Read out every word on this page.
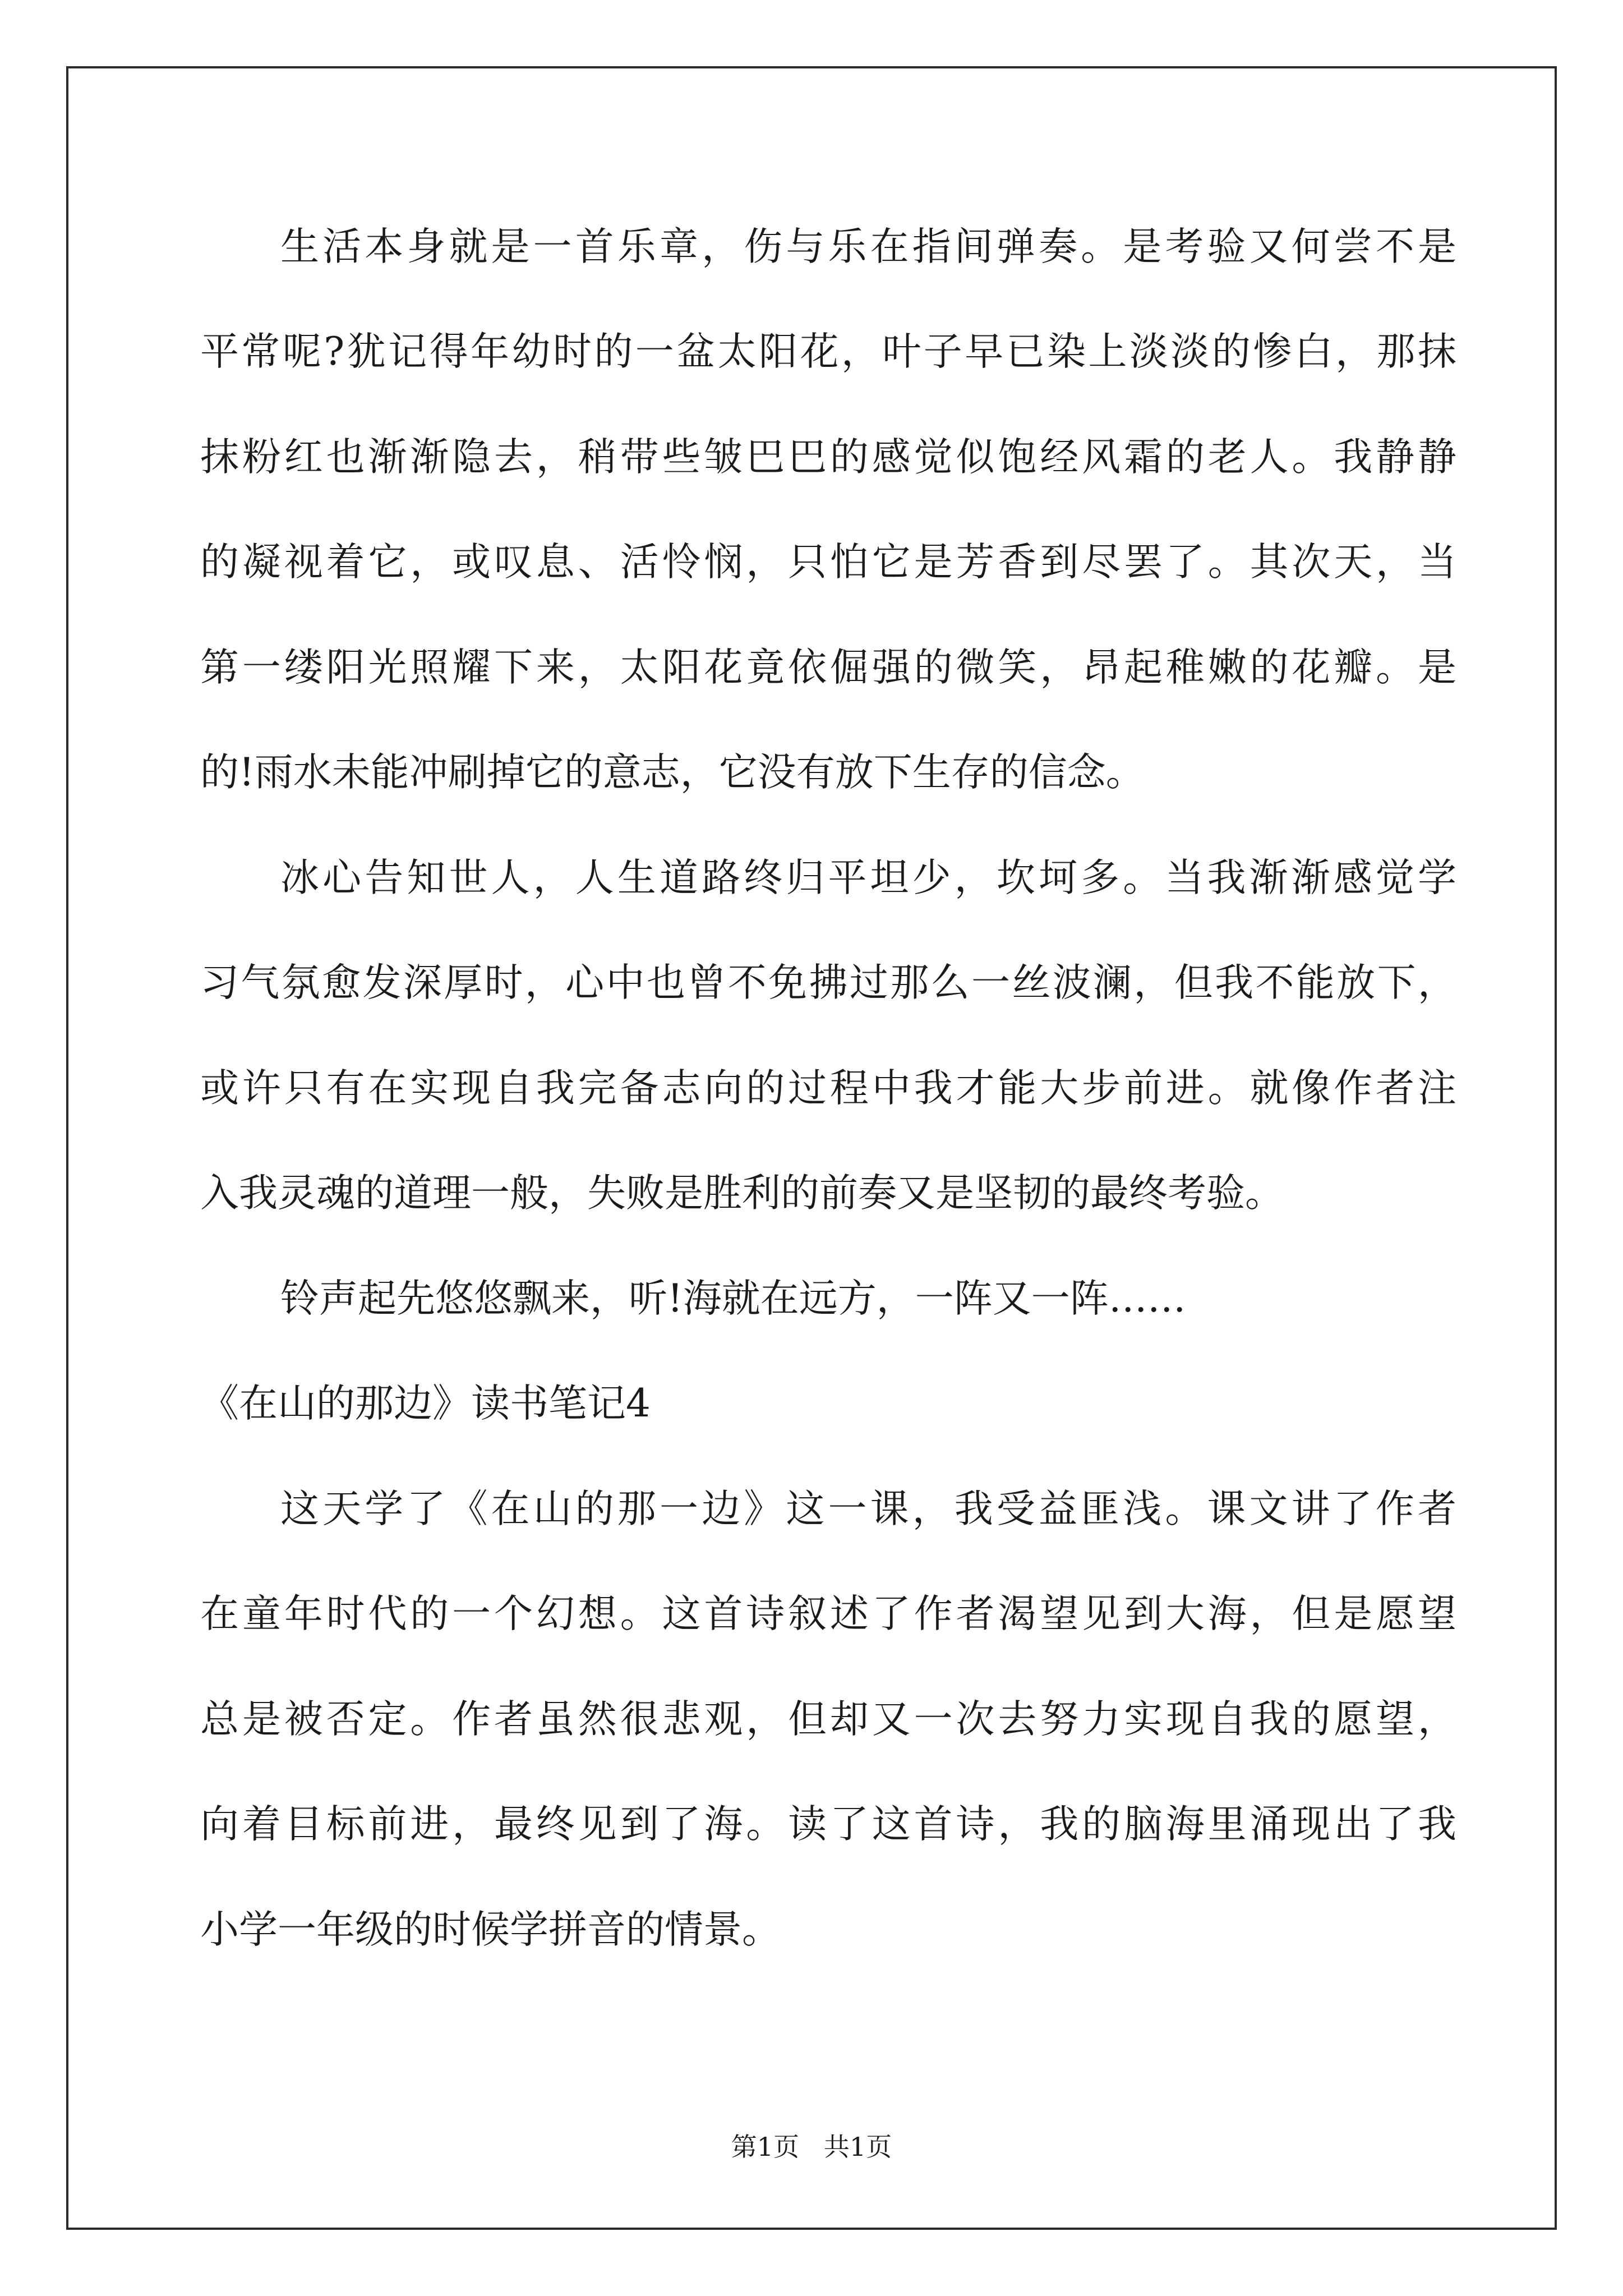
生活本身就是一首乐章，伤与乐在指间弹奏。是考验又何尝不是
平常呢?犹记得年幼时的一盆太阳花，叶子早已染上淡淡的惨白，那抹
抹粉红也渐渐隐去，稍带些皱巴巴的感觉似饱经风霜的老人。我静静
的凝视着它，或叹息、活怜悯，只怕它是芳香到尽罢了。其次天，当
第一缕阳光照耀下来，太阳花竟依倔强的微笑，昂起稚嫩的花瓣。是
的!雨水未能冲刷掉它的意志，它没有放下生存的信念。
冰心告知世人，人生道路终归平坦少，坎坷多。当我渐渐感觉学
习气氛愈发深厚时，心中也曾不免拂过那么一丝波澜，但我不能放下，
或许只有在实现自我完备志向的过程中我才能大步前进。就像作者注
入我灵魂的道理一般，失败是胜利的前奏又是坚韧的最终考验。
铃声起先悠悠飘来，听!海就在远方，一阵又一阵……
《在山的那边》读书笔记4
这天学了《在山的那一边》这一课，我受益匪浅。课文讲了作者
在童年时代的一个幻想。这首诗叙述了作者渴望见到大海，但是愿望
总是被否定。作者虽然很悲观，但却又一次去努力实现自我的愿望，
向着目标前进，最终见到了海。读了这首诗，我的脑海里涌现出了我
小学一年级的时候学拼音的情景。
第1页   共1页
